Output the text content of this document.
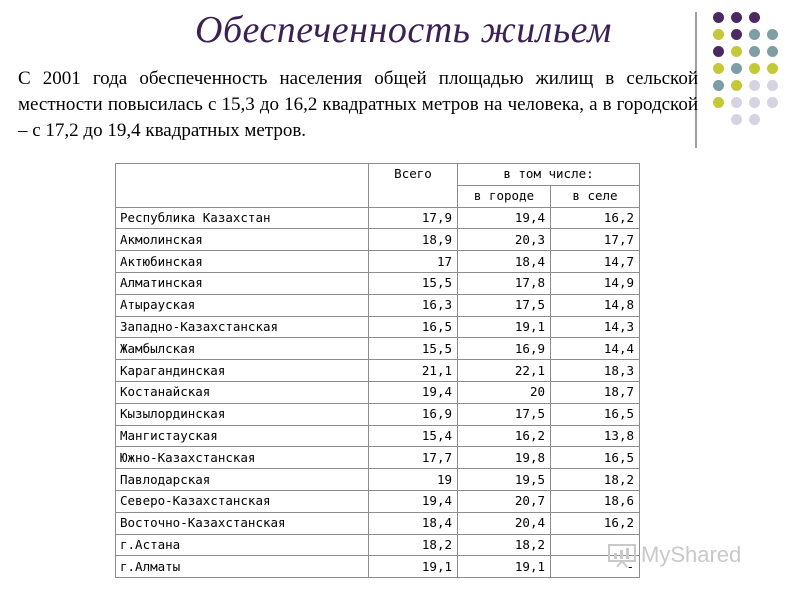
Обеспеченность жильем
С 2001 года обеспеченность населения общей площадью жилищ в сельской местности повысилась с 15,3 до 16,2 квадратных метров на человека, а в городской – с 17,2 до 19,4 квадратных метров.
	Всего	в том числе:	
		в городе	в селе
Республика Казахстан	17,9	19,4	16,2
Акмолинская	18,9	20,3	17,7
Актюбинская	17	18,4	14,7
Алматинская	15,5	17,8	14,9
Атырауская	16,3	17,5	14,8
Западно-Казахстанская	16,5	19,1	14,3
Жамбылская	15,5	16,9	14,4
Карагандинская	21,1	22,1	18,3
Костанайская	19,4	20	18,7
Кызылординская	16,9	17,5	16,5
Мангистауская	15,4	16,2	13,8
Южно-Казахстанская	17,7	19,8	16,5
Павлодарская	19	19,5	18,2
Северо-Казахстанская	19,4	20,7	18,6
Восточно-Казахстанская	18,4	20,4	16,2
г.Астана	18,2	18,2	
г.Алматы	19,1	19,1	- MyShared
